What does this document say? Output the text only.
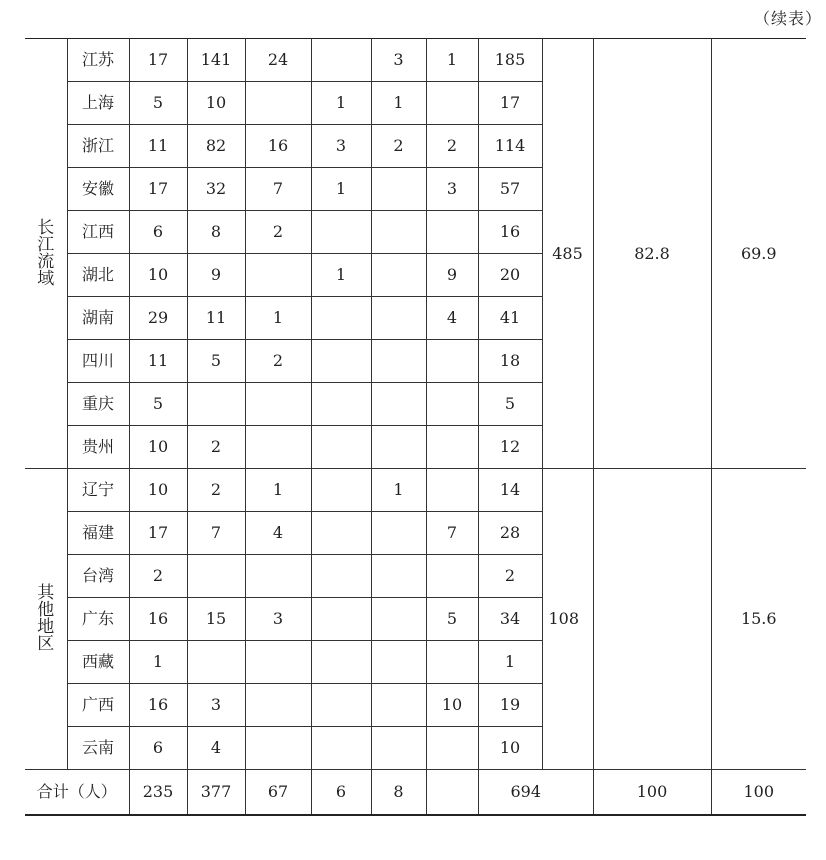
（续表）
长江流域	江苏	17	141	24		3	1	185	485	82.8	69.9
	上海	5	10		1	1		17			
	浙江	11	82	16	3	2	2	114			
	安徽	17	32	7	1		3	57			
	江西	6	8	2				16			
	湖北	10	9		1		9	20			
	湖南	29	11	1			4	41			
	四川	11	5	2				18			
	重庆	5						5			
	贵州	10	2					12			
其他地区	辽宁	10	2	1		1		14	108		15.6
	福建	17	7	4			7	28			
	台湾	2						2			
	广东	16	15	3			5	34			
	西藏	1						1			
	广西	16	3				10	19			
	云南	6	4					10			
合计（人）		235	377	67	6	8		694		100	100
